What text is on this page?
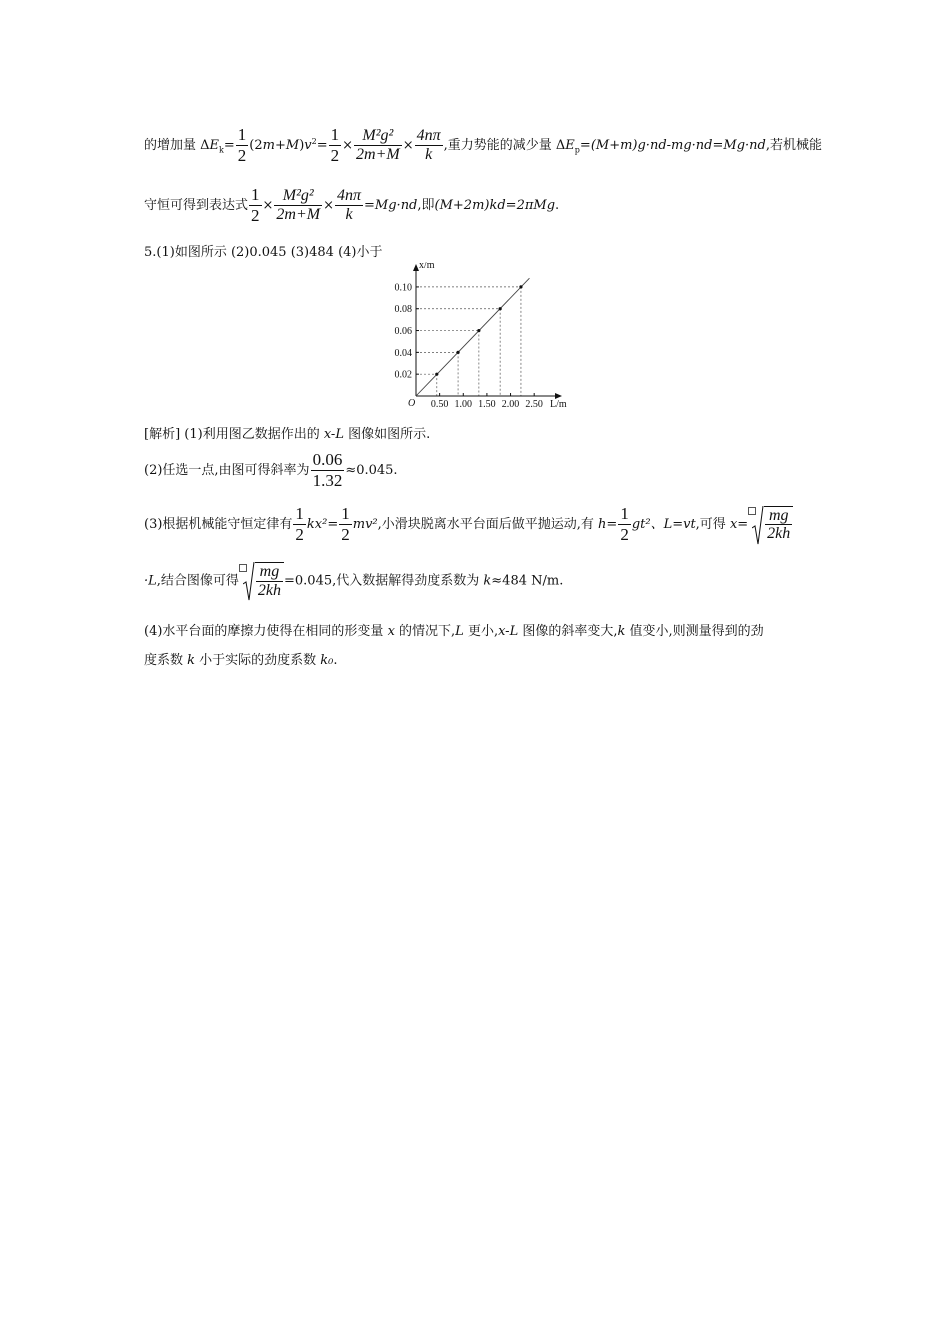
的增加量 $\Delta E_k= \frac{1}{2} (2m+M)v^2= \frac{1}{2} \times \frac{\text{M²g²}}{2m+M} \times \frac{4n\pi}{k}$ ,重力势能的减少量 $\Delta E_p=(M+m)g\cdot nd-mg\cdot nd=Mg\cdot nd$,若机械能
守恒可得到表达式 $\frac{1}{2} \times \frac{\text{M²g²}}{2m+M} \times \frac{4n\pi}{k} =Mg\cdot nd$,即(M+2m)kd=2πMg.
5.(1)如图所示 (2)0.045 (3)484 (4)小于
0.50 1.00 1.50 2.00 2.50
0.02
0.04
0.06
0.08
0.10
O	L/m
x/m
[解析] (1)利用图乙数据作出的 x-L 图像如图所示.
(2)任选一点,由图可得斜率为 $\frac{0.06}{1.32} \approx 0.045$.
(3)根据机械能守恒定律有 $\frac{1}{2} kx^2= \frac{1}{2} mv^2$,小滑块脱离水平台面后做平抛运动,有 $h= \frac{1}{2} gt^2$、L=vt,可得 $x= \frac{mg}{2kh}$
·L,结合图像可得 $\frac{mg}{2kh} =0.045$,代入数据解得劲度系数为 k≈484 N/m.
(4)水平台面的摩擦力使得在相同的形变量 x 的情况下,L 更小,x-L 图像的斜率变大,k 值变小,则测量得到的劲
度系数 k 小于实际的劲度系数 k₀.
